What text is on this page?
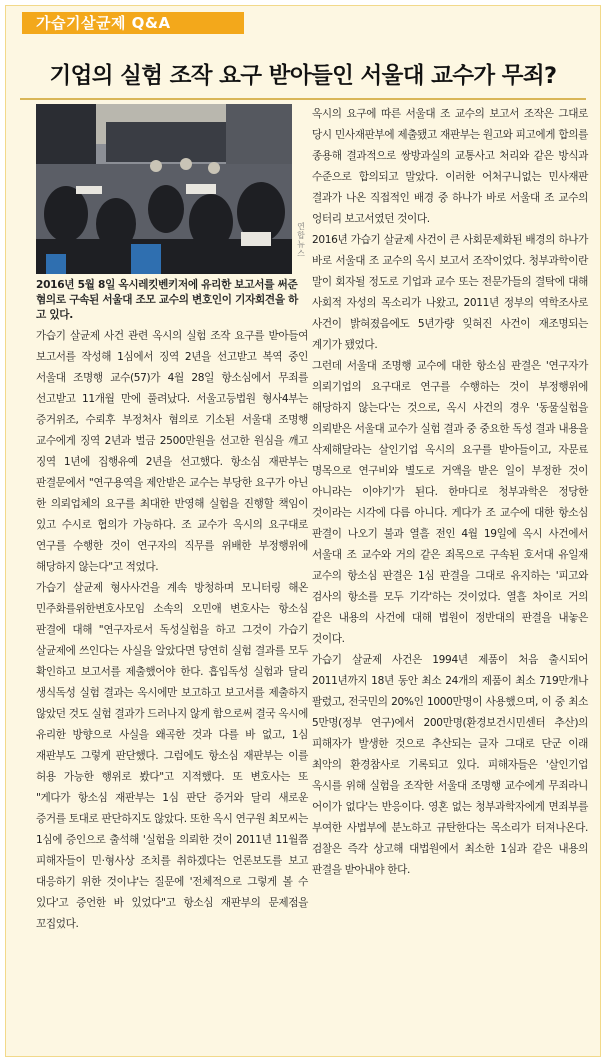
가습기살균제 Q&A
기업의 실험 조작 요구 받아들인 서울대 교수가 무죄?
연합뉴스
2016년 5월 8일 옥시레킷벤키저에 유리한 보고서를 써준 혐의로 구속된 서울대 조모 교수의 변호인이 기자회견을 하고 있다.

가습기 살균제 사건 관련 옥시의 실험 조작 요구를 받아들여 보고서를 작성해 1심에서 징역 2년을 선고받고 복역 중인 서울대 조명행 교수(57)가 4월 28일 항소심에서 무죄를 선고받고 11개월 만에 풀려났다. 서울고등법원 형사4부는 증거위조, 수뢰후 부정처사 혐의로 기소된 서울대 조명행 교수에게 징역 2년과 벌금 2500만원을 선고한 원심을 깨고 징역 1년에 집행유예 2년을 선고했다. 항소심 재판부는 판결문에서 "연구용역을 제안받은 교수는 부당한 요구가 아닌 한 의뢰업체의 요구를 최대한 반영해 실험을 진행할 책임이 있고 수시로 협의가 가능하다. 조 교수가 옥시의 요구대로 연구를 수행한 것이 연구자의 직무를 위배한 부정행위에 해당하지 않는다"고 적었다.

가습기 살균제 형사사건을 계속 방청하며 모니터링 해온 민주화를위한변호사모임 소속의 오민애 변호사는 항소심 판결에 대해 "연구자로서 독성실험을 하고 그것이 가습기 살균제에 쓰인다는 사실을 알았다면 당연히 실험 결과를 모두 확인하고 보고서를 제출했어야 한다. 흡입독성 실험과 달리 생식독성 실험 결과는 옥시에만 보고하고 보고서를 제출하지 않았던 것도 실험 결과가 드러나지 않게 함으로써 결국 옥시에 유리한 방향으로 사실을 왜곡한 것과 다를 바 없고, 1심 재판부도 그렇게 판단했다. 그럼에도 항소심 재판부는 이를 허용 가능한 행위로 봤다"고 지적했다. 또 변호사는 또 "게다가 항소심 재판부는 1심 판단 증거와 달리 새로운 증거를 토대로 판단하지도 않았다. 또한 옥시 연구원 최모씨는 1심에 증인으로 출석해 '실험을 의뢰한 것이 2011년 11월쯤 피해자들이 민·형사상 조치를 취하겠다는 언론보도를 보고 대응하기 위한 것이냐'는 질문에 '전체적으로 그렇게 볼 수 있다'고 증언한 바 있었다"고 항소심 재판부의 문제점을 꼬집었다.

옥시의 요구에 따른 서울대 조 교수의 보고서 조작은 그대로 당시 민사재판부에 제출됐고 재판부는 원고와 피고에게 합의를 종용해 결과적으로 쌍방과실의 교통사고 처리와 같은 방식과 수준으로 합의되고 말았다. 이러한 어처구니없는 민사재판 결과가 나온 직접적인 배경 중 하나가 바로 서울대 조 교수의 엉터리 보고서였던 것이다.

2016년 가습기 살균제 사건이 큰 사회문제화된 배경의 하나가 바로 서울대 조 교수의 옥시 보고서 조작이었다. 청부과학이란 말이 회자될 정도로 기업과 교수 또는 전문가들의 결탁에 대해 사회적 자성의 목소리가 나왔고, 2011년 정부의 역학조사로 사건이 밝혀졌음에도 5년가량 잊혀진 사건이 재조명되는 계기가 됐었다.

그런데 서울대 조명행 교수에 대한 항소심 판결은 '연구자가 의뢰기업의 요구대로 연구를 수행하는 것이 부정행위에 해당하지 않는다'는 것으로, 옥시 사건의 경우 '동물실험을 의뢰받은 서울대 교수가 실험 결과 중 중요한 독성 결과 내용을 삭제해달라는 살인기업 옥시의 요구를 받아들이고, 자문료 명목으로 연구비와 별도로 거액을 받은 일이 부정한 것이 아니라는 이야기'가 된다. 한마디로 청부과학은 정당한 것이라는 시각에 다름 아니다. 게다가 조 교수에 대한 항소심 판결이 나오기 불과 열흘 전인 4월 19일에 옥시 사건에서 서울대 조 교수와 거의 같은 죄목으로 구속된 호서대 유일재 교수의 항소심 판결은 1심 판결을 그대로 유지하는 '피고와 검사의 항소를 모두 기각'하는 것이었다. 열흘 차이로 거의 같은 내용의 사건에 대해 법원이 정반대의 판결을 내놓은 것이다.

가습기 살균제 사건은 1994년 제품이 처음 출시되어 2011년까지 18년 동안 최소 24개의 제품이 최소 719만개나 팔렸고, 전국민의 20%인 1000만명이 사용했으며, 이 중 최소 5만명(정부 연구)에서 200만명(환경보건시민센터 추산)의 피해자가 발생한 것으로 추산되는 글자 그대로 단군 이래 최악의 환경참사로 기록되고 있다. 피해자들은 '살인기업 옥시를 위해 실험을 조작한 서울대 조명행 교수에게 무죄라니 어이가 없다'는 반응이다. 영혼 없는 청부과학자에게 면죄부를 부여한 사법부에 분노하고 규탄한다는 목소리가 터져나온다. 검찰은 즉각 상고해 대법원에서 최소한 1심과 같은 내용의 판결을 받아내야 한다.
